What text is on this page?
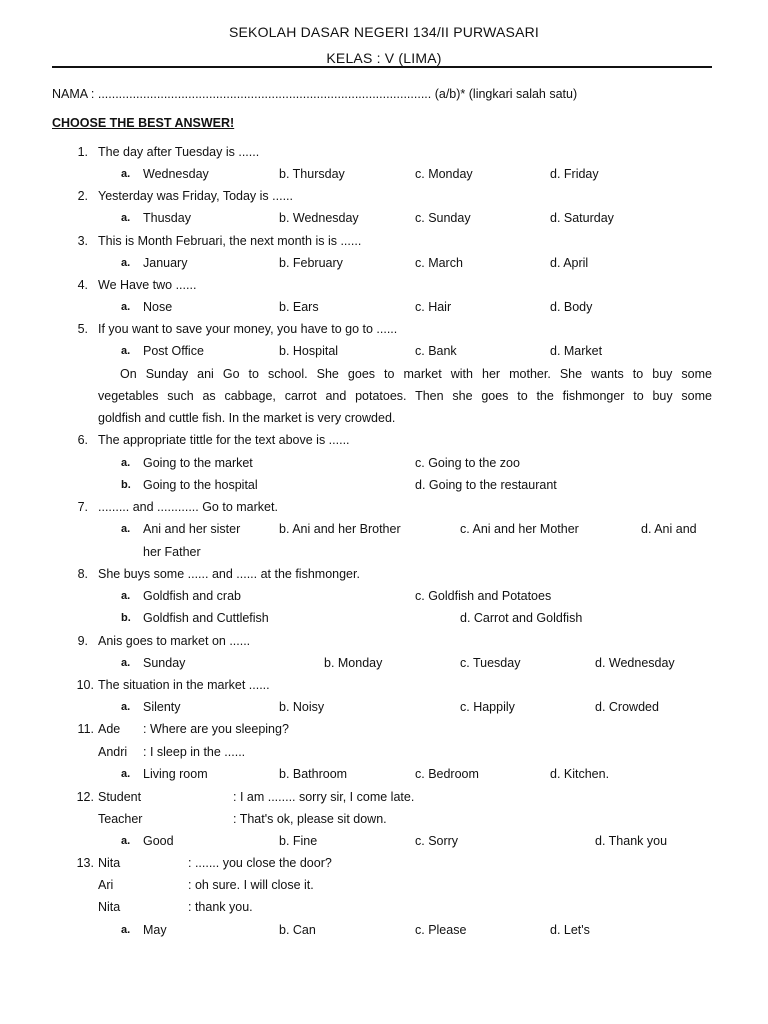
SEKOLAH DASAR NEGERI 134/II PURWASARI
KELAS : V (LIMA)
NAMA : ................................................................................................ (a/b)* (lingkari salah satu)
CHOOSE THE BEST ANSWER!
1. The day after Tuesday is ......
a. Wednesday	b. Thursday	c. Monday	d. Friday
2. Yesterday was Friday, Today is ......
a. Thusday	b. Wednesday	c. Sunday	d. Saturday
3. This is Month Februari, the next month is is ......
a. January	b. February	c. March	d. April
4. We Have two ......
a. Nose	b. Ears	c. Hair	d. Body
5. If you want to save your money, you have to go to ......
a. Post Office	b. Hospital	c. Bank	d. Market
On Sunday ani Go to school. She goes to market with her mother. She wants to buy some
vegetables such as cabbage, carrot and potatoes. Then she goes to the fishmonger to buy some
goldfish and cuttle fish. In the market is very crowded.
6. The appropriate tittle for the text above is ......
a. Going to the market	c. Going to the zoo
b. Going to the hospital	d. Going to the restaurant
7. ......... and ............ Go to market.
a. Ani and her sister	b. Ani and her Brother	c. Ani and her Mother	d. Ani and
her Father
8. She buys some ...... and ...... at the fishmonger.
a. Goldfish and crab	c. Goldfish and Potatoes
b. Goldfish and Cuttlefish	d. Carrot and Goldfish
9. Anis goes to market on ......
a. Sunday	b. Monday	c. Tuesday	d. Wednesday
10. The situation in the market ......
a. Silenty	b. Noisy	c. Happily	d. Crowded
11. Ade : Where are you sleeping?
Andri : I sleep in the ......
a. Living room	b. Bathroom	c. Bedroom	d. Kitchen.
12. Student	: I am ........ sorry sir, I come late.
Teacher	: That's ok, please sit down.
a. Good	b. Fine	c. Sorry	d. Thank you
13. Nita	: ....... you close the door?
Ari	: oh sure. I will close it.
Nita	: thank you.
a. May	b. Can	c. Please	d. Let's
